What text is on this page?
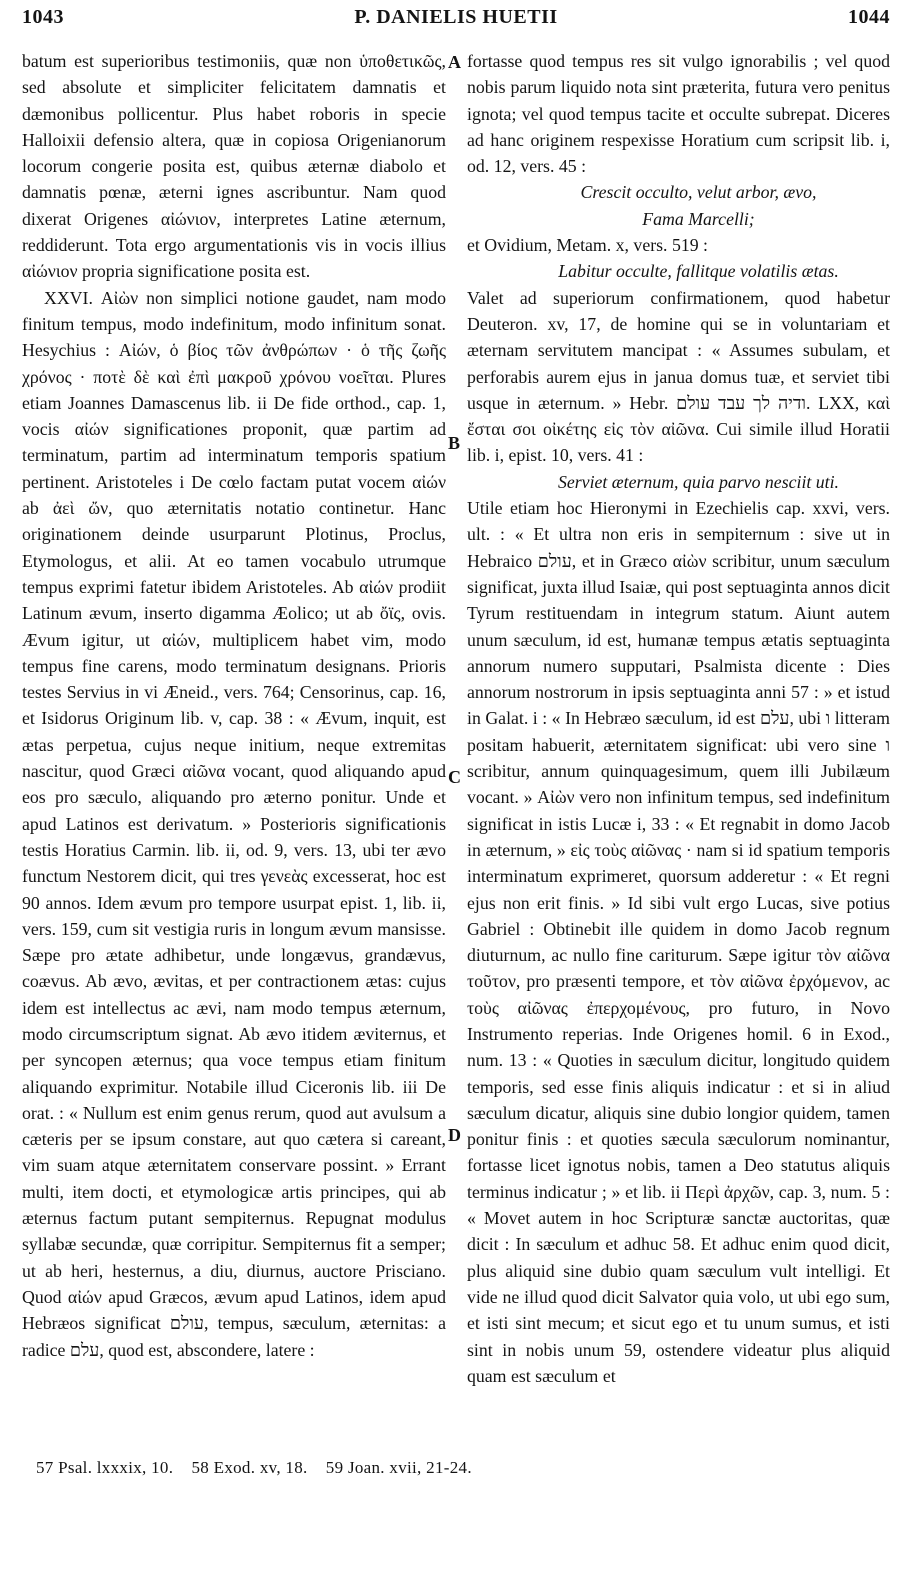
1043	P. DANIELIS HUETII	1044
A
B
C
D

batum est superioribus testimoniis, quæ non ὑποθετικῶς, sed absolute et simpliciter felicitatem damnatis et dæmonibus pollicentur. Plus habet roboris in specie Halloixii defensio altera, quæ in copiosa Origenianorum locorum congerie posita est, quibus æternæ diabolo et damnatis pœnæ, æterni ignes ascribuntur. Nam quod dixerat Origenes αἰώνιον, interpretes Latine æternum, reddiderunt. Tota ergo argumentationis vis in vocis illius αἰώνιον propria significatione posita est.

XXVI. Αἰὼν non simplici notione gaudet, nam modo finitum tempus, modo indefinitum, modo infinitum sonat. Hesychius : Αἰών, ὁ βίος τῶν ἀνθρώπων · ὁ τῆς ζωῆς χρόνος · ποτὲ δὲ καὶ ἐπὶ μακροῦ χρόνου νοεῖται. Plures etiam Joannes Damascenus lib. ii De fide orthod., cap. 1, vocis αἰών significationes proponit, quæ partim ad terminatum, partim ad interminatum temporis spatium pertinent. Aristoteles i De cœlo factam putat vocem αἰών ab ἀεὶ ὤν, quo æternitatis notatio continetur. Hanc originationem deinde usurparunt Plotinus, Proclus, Etymologus, et alii. At eo tamen vocabulo utrumque tempus exprimi fatetur ibidem Aristoteles. Ab αἰών prodiit Latinum ævum, inserto digamma Æolico; ut ab ὄϊς, ovis. Ævum igitur, ut αἰών, multiplicem habet vim, modo tempus fine carens, modo terminatum designans. Prioris testes Servius in vi Æneid., vers. 764; Censorinus, cap. 16, et Isidorus Originum lib. v, cap. 38 : « Ævum, inquit, est ætas perpetua, cujus neque initium, neque extremitas nascitur, quod Græci αἰῶνα vocant, quod aliquando apud eos pro sæculo, aliquando pro æterno ponitur. Unde et apud Latinos est derivatum. » Posterioris significationis testis Horatius Carmin. lib. ii, od. 9, vers. 13, ubi ter ævo functum Nestorem dicit, qui tres γενεὰς excesserat, hoc est 90 annos. Idem ævum pro tempore usurpat epist. 1, lib. ii, vers. 159, cum sit vestigia ruris in longum ævum mansisse. Sæpe pro ætate adhibetur, unde longævus, grandævus, coævus. Ab ævo, ævitas, et per contractionem ætas: cujus idem est intellectus ac ævi, nam modo tempus æternum, modo circumscriptum signat. Ab ævo itidem æviternus, et per syncopen æternus; qua voce tempus etiam finitum aliquando exprimitur. Notabile illud Ciceronis lib. iii De orat. : « Nullum est enim genus rerum, quod aut avulsum a cæteris per se ipsum constare, aut quo cætera si careant, vim suam atque æternitatem conservare possint. » Errant multi, item docti, et etymologicæ artis principes, qui ab æternus factum putant sempiternus. Repugnat modulus syllabæ secundæ, quæ corripitur. Sempiternus fit a semper; ut ab heri, hesternus, a diu, diurnus, auctore Prisciano. Quod αἰών apud Græcos, ævum apud Latinos, idem apud Hebræos significat עולם, tempus, sæculum, æternitas: a radice עלם, quod est, abscondere, latere :

fortasse quod tempus res sit vulgo ignorabilis ; vel quod nobis parum liquido nota sint præterita, futura vero penitus ignota; vel quod tempus tacite et occulte subrepat. Diceres ad hanc originem respexisse Horatium cum scripsit lib. i, od. 12, vers. 45 :

Crescit occulto, velut arbor, ævo,

Fama Marcelli;

et Ovidium, Metam. x, vers. 519 :

Labitur occulte, fallitque volatilis ætas.

Valet ad superiorum confirmationem, quod habetur Deuteron. xv, 17, de homine qui se in voluntariam et æternam servitutem mancipat : « Assumes subulam, et perforabis aurem ejus in janua domus tuæ, et serviet tibi usque in æternum. » Hebr. ודיה לך עבד עולם. LXX, καὶ ἔσται σοι οἰκέτης εἰς τὸν αἰῶνα. Cui simile illud Horatii lib. i, epist. 10, vers. 41 :

Serviet æternum, quia parvo nesciit uti.

Utile etiam hoc Hieronymi in Ezechielis cap. xxvi, vers. ult. : « Et ultra non eris in sempiternum : sive ut in Hebraico עולם, et in Græco αἰὼν scribitur, unum sæculum significat, juxta illud Isaiæ, qui post septuaginta annos dicit Tyrum restituendam in integrum statum. Aiunt autem unum sæculum, id est, humanæ tempus ætatis septuaginta annorum numero supputari, Psalmista dicente : Dies annorum nostrorum in ipsis septuaginta anni 57 : » et istud in Galat. i : « In Hebræo sæculum, id est עלם, ubi ו litteram positam habuerit, æternitatem significat: ubi vero sine ו scribitur, annum quinquagesimum, quem illi Jubilæum vocant. » Αἰὼν vero non infinitum tempus, sed indefinitum significat in istis Lucæ i, 33 : « Et regnabit in domo Jacob in æternum, » εἰς τοὺς αἰῶνας · nam si id spatium temporis interminatum exprimeret, quorsum adderetur : « Et regni ejus non erit finis. » Id sibi vult ergo Lucas, sive potius Gabriel : Obtinebit ille quidem in domo Jacob regnum diuturnum, ac nullo fine cariturum. Sæpe igitur τὸν αἰῶνα τοῦτον, pro præsenti tempore, et τὸν αἰῶνα ἐρχόμενον, ac τοὺς αἰῶνας ἐπερχομένους, pro futuro, in Novo Instrumento reperias. Inde Origenes homil. 6 in Exod., num. 13 : « Quoties in sæculum dicitur, longitudo quidem temporis, sed esse finis aliquis indicatur : et si in aliud sæculum dicatur, aliquis sine dubio longior quidem, tamen ponitur finis : et quoties sæcula sæculorum nominantur, fortasse licet ignotus nobis, tamen a Deo statutus aliquis terminus indicatur ; » et lib. ii Περὶ ἀρχῶν, cap. 3, num. 5 : « Movet autem in hoc Scripturæ sanctæ auctoritas, quæ dicit : In sæculum et adhuc 58. Et adhuc enim quod dicit, plus aliquid sine dubio quam sæculum vult intelligi. Et vide ne illud quod dicit Salvator quia volo, ut ubi ego sum, et isti sint mecum; et sicut ego et tu unum sumus, et isti sint in nobis unum 59, ostendere videatur plus aliquid quam est sæculum et

57 Psal. lxxxix, 10. 58 Exod. xv, 18. 59 Joan. xvii, 21-24.
